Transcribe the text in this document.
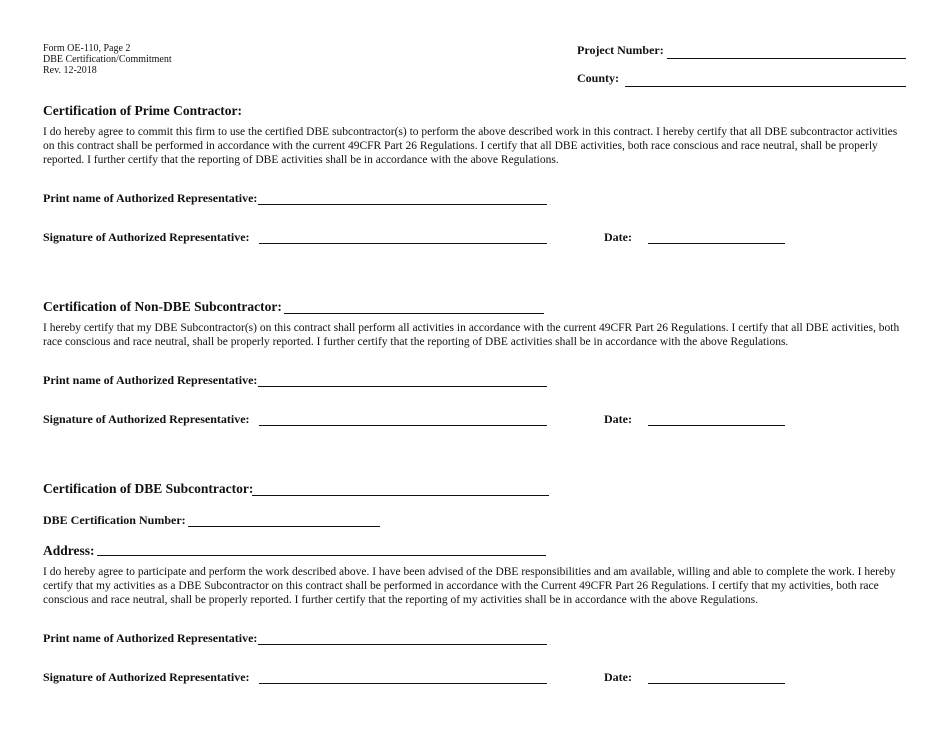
Form OE-110, Page 2
DBE Certification/Commitment
Rev. 12-2018
Project Number:
County:
Certification of Prime Contractor:
I do hereby agree to commit this firm to use the certified DBE subcontractor(s) to perform the above described work in this contract. I hereby certify that all DBE subcontractor activities on this contract shall be performed in accordance with the current 49CFR Part 26 Regulations. I certify that all DBE activities, both race conscious and race neutral, shall be properly reported. I further certify that the reporting of DBE activities shall be in accordance with the above Regulations.
Print name of Authorized Representative:
Signature of Authorized Representative:	Date:
Certification of Non-DBE Subcontractor:
I hereby certify that my DBE Subcontractor(s) on this contract shall perform all activities in accordance with the current 49CFR Part 26 Regulations. I certify that all DBE activities, both race conscious and race neutral, shall be properly reported. I further certify that the reporting of DBE activities shall be in accordance with the above Regulations.
Print name of Authorized Representative:
Signature of Authorized Representative:	Date:
Certification of DBE Subcontractor:
DBE Certification Number:
Address:
I do hereby agree to participate and perform the work described above. I have been advised of the DBE responsibilities and am available, willing and able to complete the work. I hereby certify that my activities as a DBE Subcontractor on this contract shall be performed in accordance with the Current 49CFR Part 26 Regulations. I certify that my activities, both race conscious and race neutral, shall be properly reported. I further certify that the reporting of my activities shall be in accordance with the above Regulations.
Print name of Authorized Representative:
Signature of Authorized Representative:	Date:
